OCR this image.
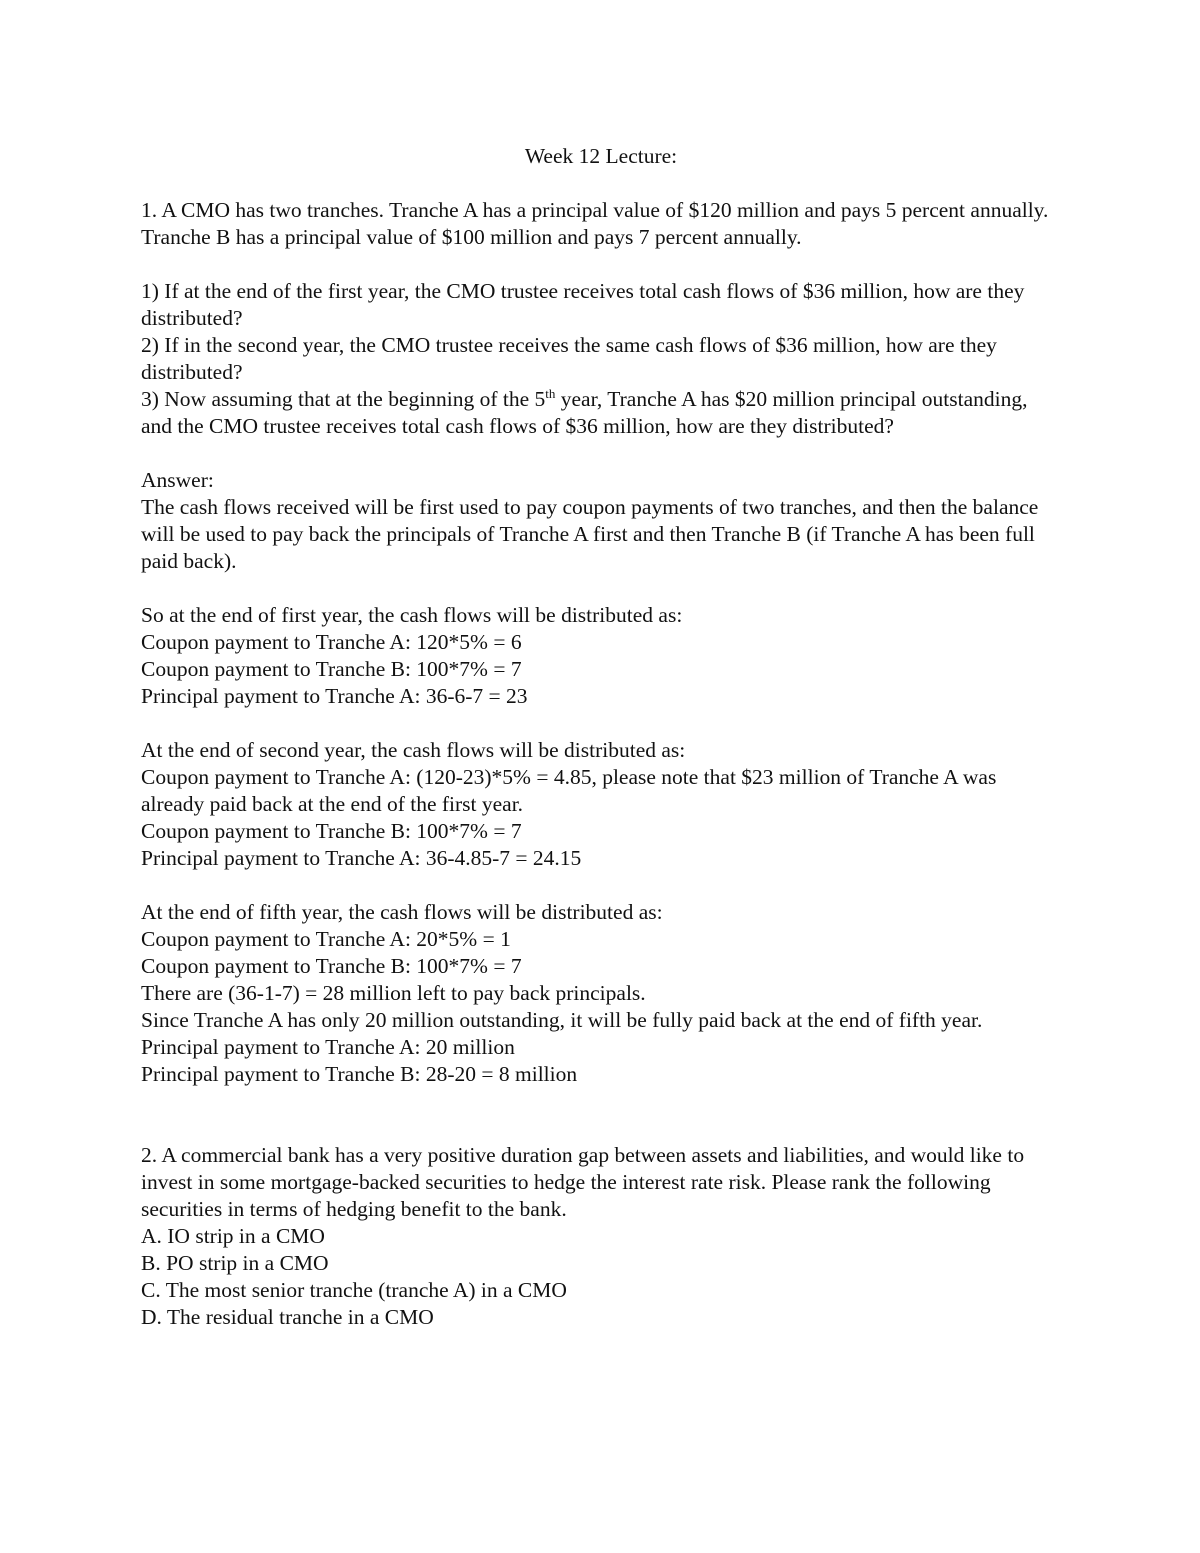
Week 12 Lecture:

1. A CMO has two tranches. Tranche A has a principal value of $120 million and pays 5 percent annually. Tranche B has a principal value of $100 million and pays 7 percent annually.

1) If at the end of the first year, the CMO trustee receives total cash flows of $36 million, how are they distributed?

2) If in the second year, the CMO trustee receives the same cash flows of $36 million, how are they distributed?

3) Now assuming that at the beginning of the 5th year, Tranche A has $20 million principal outstanding, and the CMO trustee receives total cash flows of $36 million, how are they distributed?

Answer:

The cash flows received will be first used to pay coupon payments of two tranches, and then the balance will be used to pay back the principals of Tranche A first and then Tranche B (if Tranche A has been full paid back).

So at the end of first year, the cash flows will be distributed as:

Coupon payment to Tranche A: 120*5% = 6

Coupon payment to Tranche B: 100*7% = 7

Principal payment to Tranche A: 36-6-7 = 23

At the end of second year, the cash flows will be distributed as:

Coupon payment to Tranche A: (120-23)*5% = 4.85, please note that $23 million of Tranche A was already paid back at the end of the first year.

Coupon payment to Tranche B: 100*7% = 7

Principal payment to Tranche A: 36-4.85-7 = 24.15

At the end of fifth year, the cash flows will be distributed as:

Coupon payment to Tranche A: 20*5% = 1

Coupon payment to Tranche B: 100*7% = 7

There are (36-1-7) = 28 million left to pay back principals.

Since Tranche A has only 20 million outstanding, it will be fully paid back at the end of fifth year.

Principal payment to Tranche A: 20 million

Principal payment to Tranche B: 28-20 = 8 million

2. A commercial bank has a very positive duration gap between assets and liabilities, and would like to invest in some mortgage-backed securities to hedge the interest rate risk. Please rank the following securities in terms of hedging benefit to the bank.

A. IO strip in a CMO

B. PO strip in a CMO

C. The most senior tranche (tranche A) in a CMO

D. The residual tranche in a CMO
